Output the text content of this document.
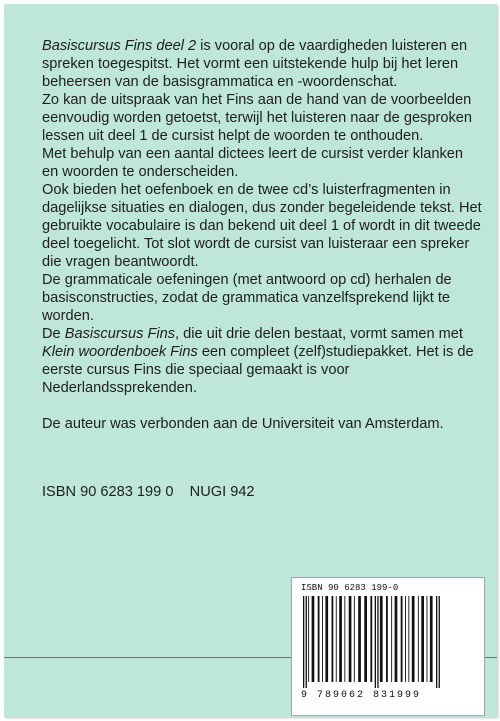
Basiscursus Fins deel 2 is vooral op de vaardigheden luisteren en spreken toegespitst. Het vormt een uitstekende hulp bij het leren beheersen van de basisgrammatica en -woordenschat.

Zo kan de uitspraak van het Fins aan de hand van de voorbeelden eenvoudig worden getoetst, terwijl het luisteren naar de gesproken lessen uit deel 1 de cursist helpt de woorden te onthouden.

Met behulp van een aantal dictees leert de cursist verder klanken en woorden te onderscheiden.

Ook bieden het oefenboek en de twee cd’s luisterfragmenten in dagelijkse situaties en dialogen, dus zonder begeleidende tekst. Het gebruikte vocabulaire is dan bekend uit deel 1 of wordt in dit tweede deel toegelicht. Tot slot wordt de cursist van luisteraar een spreker die vragen beantwoordt.

De grammaticale oefeningen (met antwoord op cd) herhalen de basisconstructies, zodat de grammatica vanzelfsprekend lijkt te worden.

De Basiscursus Fins, die uit drie delen bestaat, vormt samen met Klein woordenboek Fins een compleet (zelf)studiepakket. Het is de eerste cursus Fins die speciaal gemaakt is voor Nederlandssprekenden.

De auteur was verbonden aan de Universiteit van Amsterdam.

ISBN 90 6283 199 0    NUGI 942
ISBN 90 6283 199-0
9 789062 831999
